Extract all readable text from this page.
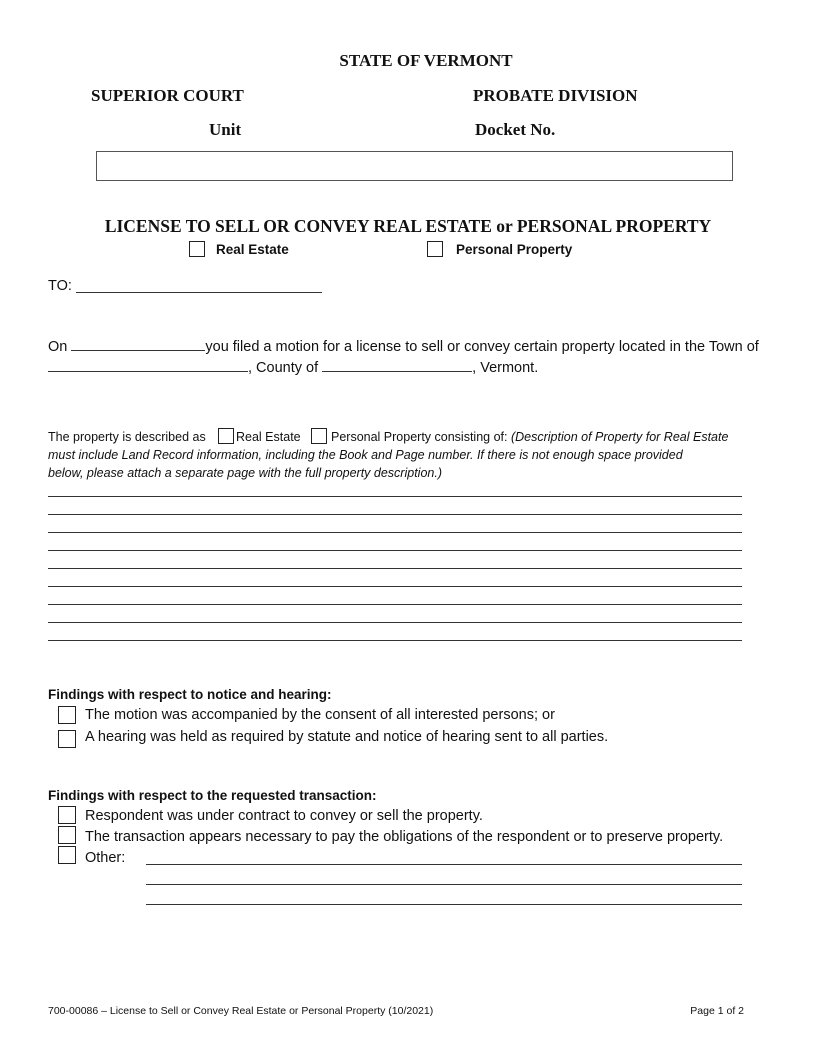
STATE OF VERMONT
SUPERIOR COURT	PROBATE DIVISION
Unit	Docket No.
LICENSE TO SELL OR CONVEY REAL ESTATE or PERSONAL PROPERTY
Real Estate	Personal Property
TO:
On	you filed a motion for a license to sell or convey certain property located in the Town of
, County of	, Vermont.
The property is described as Real Estate Personal Property consisting of: (Description of Property for Real Estate
must include Land Record information, including the Book and Page number. If there is not enough space provided
below, please attach a separate page with the full property description.)
Findings with respect to notice and hearing:
The motion was accompanied by the consent of all interested persons; or
A hearing was held as required by statute and notice of hearing sent to all parties.
Findings with respect to the requested transaction:
Respondent was under contract to convey or sell the property.
The transaction appears necessary to pay the obligations of the respondent or to preserve property.
Other:
700-00086 – License to Sell or Convey Real Estate or Personal Property (10/2021)	Page 1 of 2
